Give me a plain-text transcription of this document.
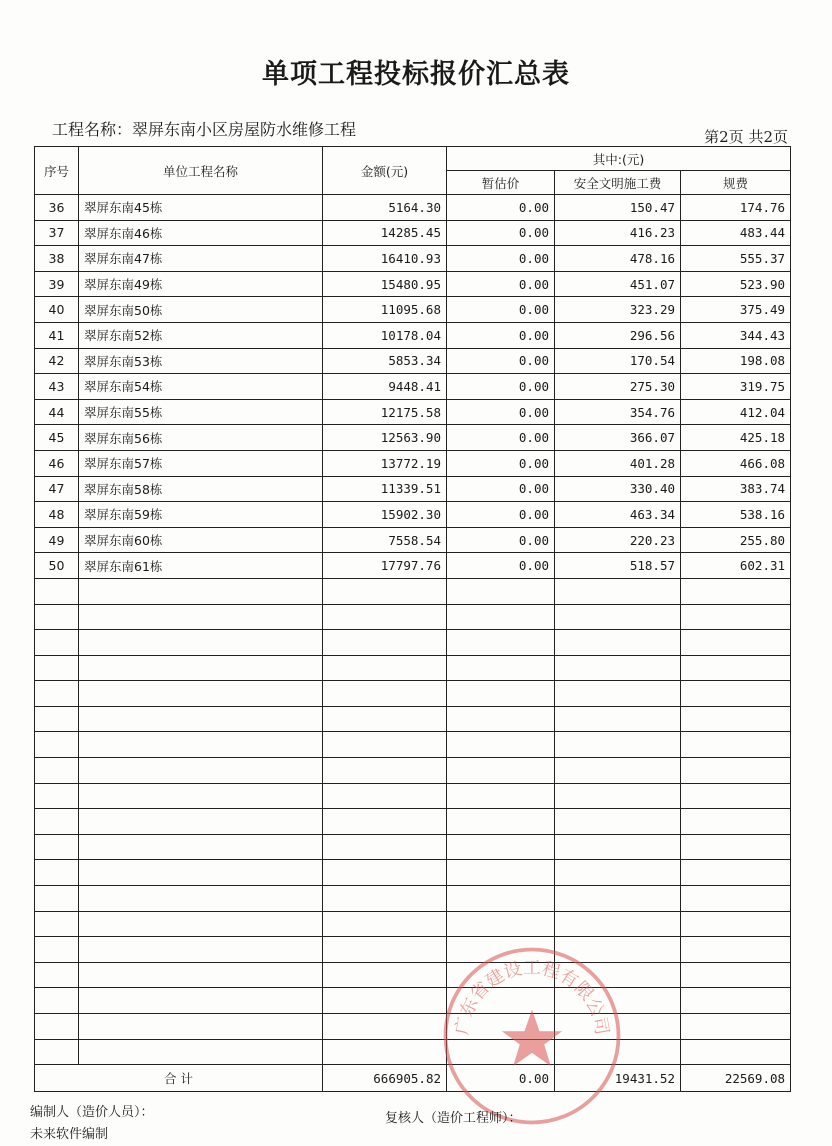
单项工程投标报价汇总表
工程名称：翠屏东南小区房屋防水维修工程	第2页 共2页
序号	单位工程名称	金额(元)	其中:(元)		
			暂估价	安全文明施工费	规费
36	翠屏东南45栋	5164.30	0.00	150.47	174.76
37	翠屏东南46栋	14285.45	0.00	416.23	483.44
38	翠屏东南47栋	16410.93	0.00	478.16	555.37
39	翠屏东南49栋	15480.95	0.00	451.07	523.90
40	翠屏东南50栋	11095.68	0.00	323.29	375.49
41	翠屏东南52栋	10178.04	0.00	296.56	344.43
42	翠屏东南53栋	5853.34	0.00	170.54	198.08
43	翠屏东南54栋	9448.41	0.00	275.30	319.75
44	翠屏东南55栋	12175.58	0.00	354.76	412.04
45	翠屏东南56栋	12563.90	0.00	366.07	425.18
46	翠屏东南57栋	13772.19	0.00	401.28	466.08
47	翠屏东南58栋	11339.51	0.00	330.40	383.74
48	翠屏东南59栋	15902.30	0.00	463.34	538.16
49	翠屏东南60栋	7558.54	0.00	220.23	255.80
50	翠屏东南61栋	17797.76	0.00	518.57	602.31

合 计		666905.82	0.00	19431.52	22569.08
广东省建设工程有限公司
编制人（造价人员）：
未来软件编制
复核人（造价工程师）：
